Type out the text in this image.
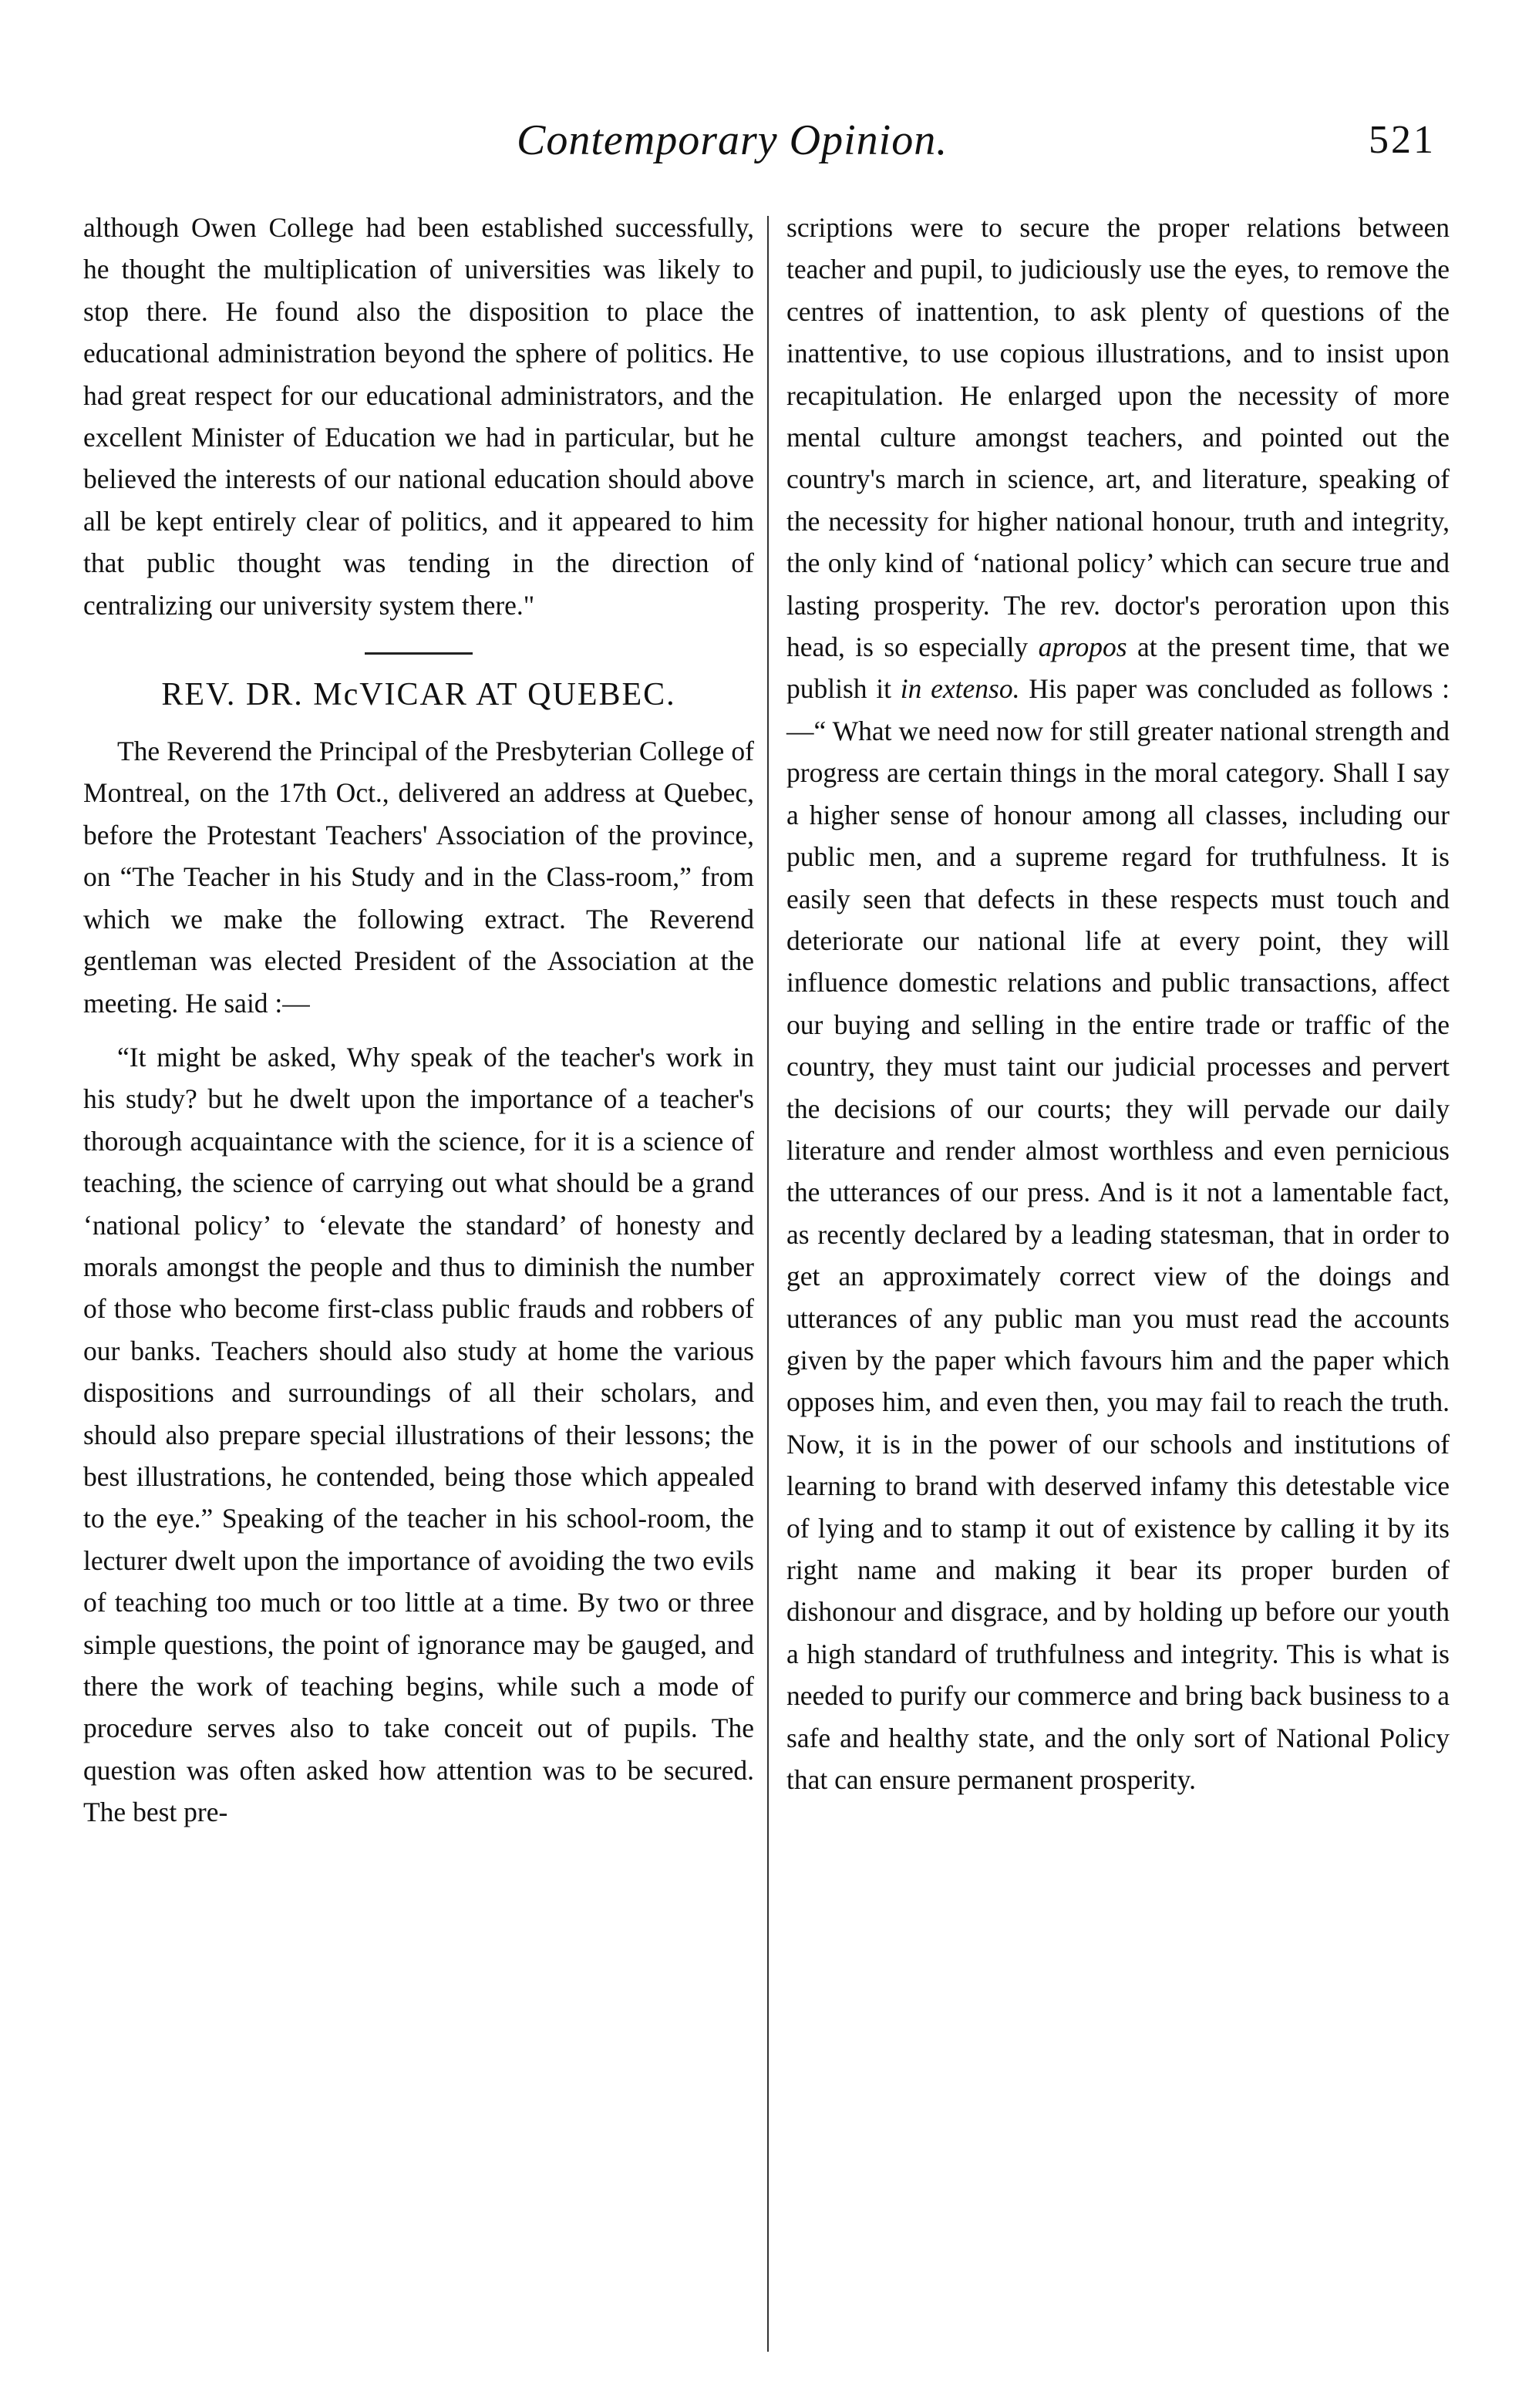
Contemporary Opinion.	521

although Owen College had been established successfully, he thought the multiplication of universities was likely to stop there. He found also the disposition to place the educational administration beyond the sphere of politics. He had great respect for our educational administrators, and the excellent Minister of Education we had in particular, but he believed the interests of our national education should above all be kept entirely clear of politics, and it appeared to him that public thought was tending in the direction of centralizing our university system there."

REV. DR. McVICAR AT QUEBEC.

The Reverend the Principal of the Presbyterian College of Montreal, on the 17th Oct., delivered an address at Quebec, before the Protestant Teachers' Association of the province, on “The Teacher in his Study and in the Class-room,” from which we make the following extract. The Reverend gentleman was elected President of the Association at the meeting. He said :—

“It might be asked, Why speak of the teacher's work in his study? but he dwelt upon the importance of a teacher's thorough acquaintance with the science, for it is a science of teaching, the science of carrying out what should be a grand ‘national policy’ to ‘elevate the standard’ of honesty and morals amongst the people and thus to diminish the number of those who become first-class public frauds and robbers of our banks. Teachers should also study at home the various dispositions and surroundings of all their scholars, and should also prepare special illustrations of their lessons; the best illustrations, he contended, being those which appealed to the eye.” Speaking of the teacher in his school-room, the lecturer dwelt upon the importance of avoiding the two evils of teaching too much or too little at a time. By two or three simple questions, the point of ignorance may be gauged, and there the work of teaching begins, while such a mode of procedure serves also to take conceit out of pupils. The question was often asked how attention was to be secured. The best pre-

scriptions were to secure the proper relations between teacher and pupil, to judiciously use the eyes, to remove the centres of inattention, to ask plenty of questions of the inattentive, to use copious illustrations, and to insist upon recapitulation. He enlarged upon the necessity of more mental culture amongst teachers, and pointed out the country's march in science, art, and literature, speaking of the necessity for higher national honour, truth and integrity, the only kind of ‘national policy’ which can secure true and lasting prosperity. The rev. doctor's peroration upon this head, is so especially apropos at the present time, that we publish it in extenso. His paper was concluded as follows :—“ What we need now for still greater national strength and progress are certain things in the moral category. Shall I say a higher sense of honour among all classes, including our public men, and a supreme regard for truthfulness. It is easily seen that defects in these respects must touch and deteriorate our national life at every point, they will influence domestic relations and public transactions, affect our buying and selling in the entire trade or traffic of the country, they must taint our judicial processes and pervert the decisions of our courts; they will pervade our daily literature and render almost worthless and even pernicious the utterances of our press. And is it not a lamentable fact, as recently declared by a leading statesman, that in order to get an approximately correct view of the doings and utterances of any public man you must read the accounts given by the paper which favours him and the paper which opposes him, and even then, you may fail to reach the truth. Now, it is in the power of our schools and institutions of learning to brand with deserved infamy this detestable vice of lying and to stamp it out of existence by calling it by its right name and making it bear its proper burden of dishonour and disgrace, and by holding up before our youth a high standard of truthfulness and integrity. This is what is needed to purify our commerce and bring back business to a safe and healthy state, and the only sort of National Policy that can ensure permanent prosperity.
